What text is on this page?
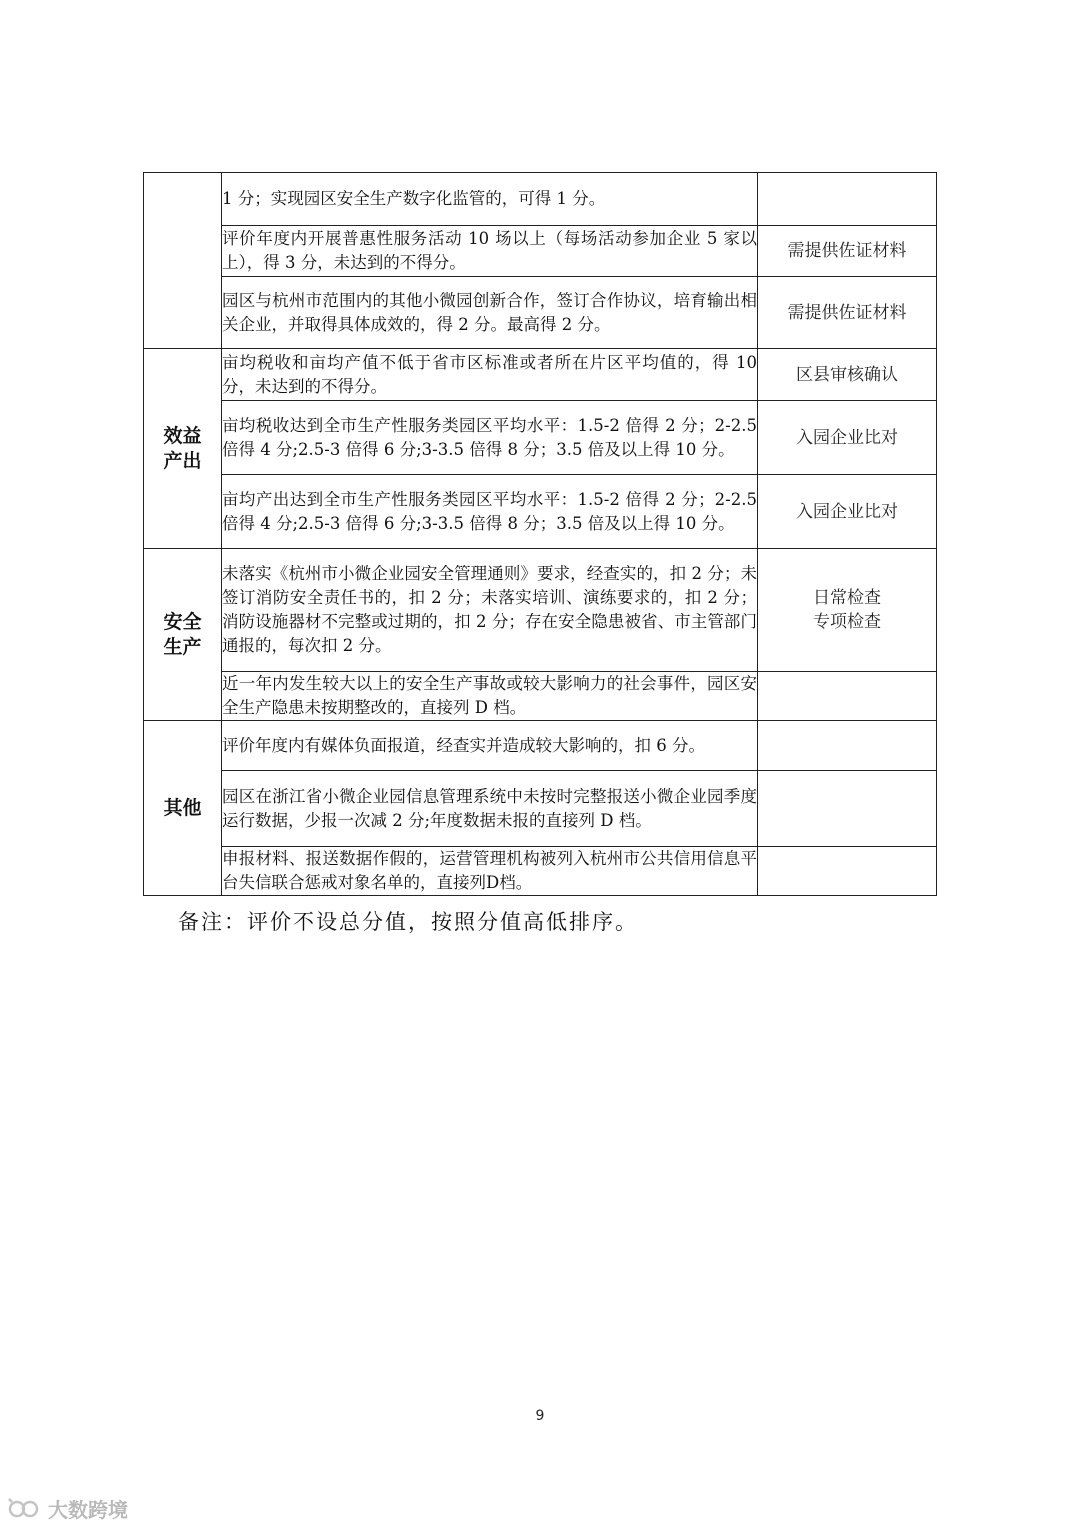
	1 分；实现园区安全生产数字化监管的，可得 1 分。	
	评价年度内开展普惠性服务活动 10 场以上（每场活动参加企业 5 家以上），得 3 分，未达到的不得分。	需提供佐证材料
	园区与杭州市范围内的其他小微园创新合作，签订合作协议，培育输出相关企业，并取得具体成效的，得 2 分。最高得 2 分。	需提供佐证材料
效益产出	亩均税收和亩均产值不低于省市区标准或者所在片区平均值的，得 10 分，未达到的不得分。	区县审核确认
	亩均税收达到全市生产性服务类园区平均水平：1.5-2 倍得 2 分；2-2.5 倍得 4 分;2.5-3 倍得 6 分;3-3.5 倍得 8 分；3.5 倍及以上得 10 分。	入园企业比对
	亩均产出达到全市生产性服务类园区平均水平：1.5-2 倍得 2 分；2-2.5 倍得 4 分;2.5-3 倍得 6 分;3-3.5 倍得 8 分；3.5 倍及以上得 10 分。	入园企业比对
安全生产	未落实《杭州市小微企业园安全管理通则》要求，经查实的，扣 2 分；未签订消防安全责任书的，扣 2 分；未落实培训、演练要求的，扣 2 分；消防设施器材不完整或过期的，扣 2 分；存在安全隐患被省、市主管部门通报的，每次扣 2 分。	日常检查
专项检查

	近一年内发生较大以上的安全生产事故或较大影响力的社会事件，园区安全生产隐患未按期整改的，直接列 D 档。	
其他	评价年度内有媒体负面报道，经查实并造成较大影响的，扣 6 分。	
	园区在浙江省小微企业园信息管理系统中未按时完整报送小微企业园季度运行数据，少报一次减 2 分;年度数据未报的直接列 D 档。	
	申报材料、报送数据作假的，运营管理机构被列入杭州市公共信用信息平台失信联合惩戒对象名单的，直接列D档。	
备注：评价不设总分值，按照分值高低排序。
9
大数跨境
